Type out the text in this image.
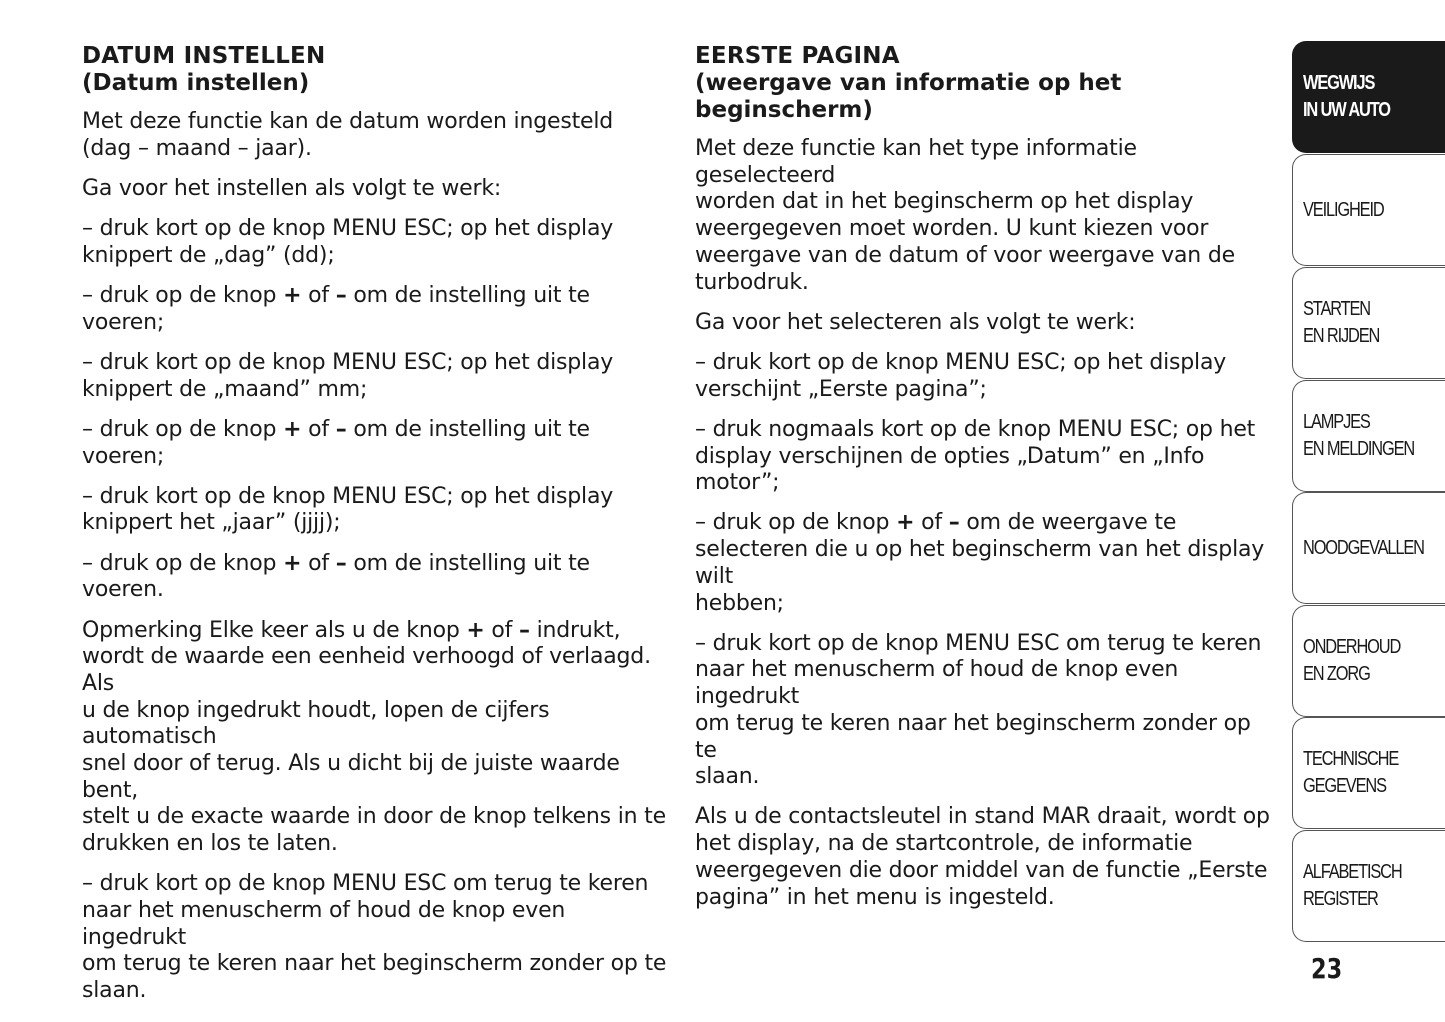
DATUM INSTELLEN

(Datum instellen)

Met deze functie kan de datum worden ingesteld
(dag – maand – jaar).

Ga voor het instellen als volgt te werk:

– druk kort op de knop MENU ESC; op het display
knippert de „dag” (dd);

– druk op de knop + of – om de instelling uit te voeren;

– druk kort op de knop MENU ESC; op het display
knippert de „maand” mm;

– druk op de knop + of – om de instelling uit te voeren;

– druk kort op de knop MENU ESC; op het display
knippert het „jaar” (jjjj);

– druk op de knop + of – om de instelling uit te voeren.

Opmerking Elke keer als u de knop + of – indrukt,
wordt de waarde een eenheid verhoogd of verlaagd. Als
u de knop ingedrukt houdt, lopen de cijfers automatisch
snel door of terug. Als u dicht bij de juiste waarde bent,
stelt u de exacte waarde in door de knop telkens in te
drukken en los te laten.

– druk kort op de knop MENU ESC om terug te keren
naar het menuscherm of houd de knop even ingedrukt
om terug te keren naar het beginscherm zonder op te
slaan.

EERSTE PAGINA

(weergave van informatie op het beginscherm)

Met deze functie kan het type informatie geselecteerd
worden dat in het beginscherm op het display
weergegeven moet worden. U kunt kiezen voor
weergave van de datum of voor weergave van de
turbodruk.

Ga voor het selecteren als volgt te werk:

– druk kort op de knop MENU ESC; op het display
verschijnt „Eerste pagina”;

– druk nogmaals kort op de knop MENU ESC; op het
display verschijnen de opties „Datum” en „Info motor”;

– druk op de knop + of – om de weergave te
selecteren die u op het beginscherm van het display wilt
hebben;

– druk kort op de knop MENU ESC om terug te keren
naar het menuscherm of houd de knop even ingedrukt
om terug te keren naar het beginscherm zonder op te
slaan.

Als u de contactsleutel in stand MAR draait, wordt op
het display, na de startcontrole, de informatie
weergegeven die door middel van de functie „Eerste
pagina” in het menu is ingesteld.

WEGWIJS
IN UW AUTO
VEILIGHEID
STARTEN
EN RIJDEN
LAMPJES
EN MELDINGEN
NOODGEVALLEN
ONDERHOUD
EN ZORG
TECHNISCHE
GEGEVENS
ALFABETISCH
REGISTER
23
